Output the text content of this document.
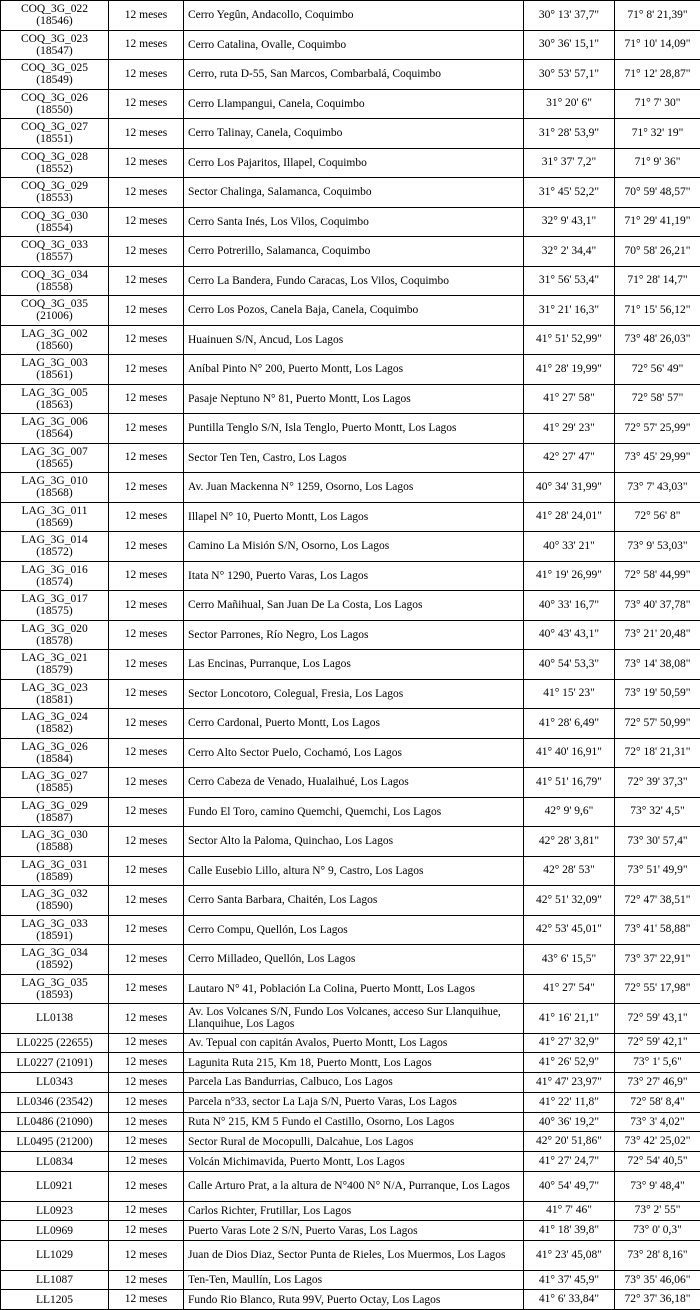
COQ_3G_022 (18546)	12 meses	Cerro Yegûn, Andacollo, Coquimbo	30° 13' 37,7"	71° 8' 21,39"
COQ_3G_023 (18547)	12 meses	Cerro Catalina, Ovalle, Coquimbo	30° 36' 15,1"	71° 10' 14,09"
COQ_3G_025 (18549)	12 meses	Cerro, ruta D-55, San Marcos, Combarbalá, Coquimbo	30° 53' 57,1"	71° 12' 28,87"
COQ_3G_026 (18550)	12 meses	Cerro Llampangui, Canela, Coquimbo	31° 20' 6"	71° 7' 30"
COQ_3G_027 (18551)	12 meses	Cerro Talinay, Canela, Coquimbo	31° 28' 53,9"	71° 32' 19"
COQ_3G_028 (18552)	12 meses	Cerro Los Pajaritos, Illapel, Coquimbo	31° 37' 7,2"	71° 9' 36"
COQ_3G_029 (18553)	12 meses	Sector Chalinga, Salamanca, Coquimbo	31° 45' 52,2"	70° 59' 48,57"
COQ_3G_030 (18554)	12 meses	Cerro Santa Inés, Los Vilos, Coquimbo	32° 9' 43,1"	71° 29' 41,19"
COQ_3G_033 (18557)	12 meses	Cerro Potrerillo, Salamanca, Coquimbo	32° 2' 34,4"	70° 58' 26,21"
COQ_3G_034 (18558)	12 meses	Cerro La Bandera, Fundo Caracas, Los Vilos, Coquimbo	31° 56' 53,4"	71° 28' 14,7"
COQ_3G_035 (21006)	12 meses	Cerro Los Pozos, Canela Baja, Canela, Coquimbo	31° 21' 16,3"	71° 15' 56,12"
LAG_3G_002 (18560)	12 meses	Huainuen S/N, Ancud, Los Lagos	41° 51' 52,99"	73° 48' 26,03"
LAG_3G_003 (18561)	12 meses	Aníbal Pinto N° 200, Puerto Montt, Los Lagos	41° 28' 19,99"	72° 56' 49"
LAG_3G_005 (18563)	12 meses	Pasaje Neptuno N° 81, Puerto Montt, Los Lagos	41° 27' 58"	72° 58' 57"
LAG_3G_006 (18564)	12 meses	Puntilla Tenglo S/N, Isla Tenglo, Puerto Montt, Los Lagos	41° 29' 23"	72° 57' 25,99"
LAG_3G_007 (18565)	12 meses	Sector Ten Ten, Castro, Los Lagos	42° 27' 47"	73° 45' 29,99"
LAG_3G_010 (18568)	12 meses	Av. Juan Mackenna N° 1259, Osorno, Los Lagos	40° 34' 31,99"	73° 7' 43,03"
LAG_3G_011 (18569)	12 meses	Illapel N° 10, Puerto Montt, Los Lagos	41° 28' 24,01"	72° 56' 8"
LAG_3G_014 (18572)	12 meses	Camino La Misión S/N, Osorno, Los Lagos	40° 33' 21"	73° 9' 53,03"
LAG_3G_016 (18574)	12 meses	Itata N° 1290, Puerto Varas, Los Lagos	41° 19' 26,99"	72° 58' 44,99"
LAG_3G_017 (18575)	12 meses	Cerro Mañihual, San Juan De La Costa, Los Lagos	40° 33' 16,7"	73° 40' 37,78"
LAG_3G_020 (18578)	12 meses	Sector Parrones, Río Negro, Los Lagos	40° 43' 43,1"	73° 21' 20,48"
LAG_3G_021 (18579)	12 meses	Las Encinas, Purranque, Los Lagos	40° 54' 53,3"	73° 14' 38,08"
LAG_3G_023 (18581)	12 meses	Sector Loncotoro, Colegual, Fresia, Los Lagos	41° 15' 23"	73° 19' 50,59"
LAG_3G_024 (18582)	12 meses	Cerro Cardonal, Puerto Montt, Los Lagos	41° 28' 6,49"	72° 57' 50,99"
LAG_3G_026 (18584)	12 meses	Cerro Alto Sector Puelo, Cochamó, Los Lagos	41° 40' 16,91"	72° 18' 21,31"
LAG_3G_027 (18585)	12 meses	Cerro Cabeza de Venado, Hualaihué, Los Lagos	41° 51' 16,79"	72° 39' 37,3"
LAG_3G_029 (18587)	12 meses	Fundo El Toro, camino Quemchi, Quemchi, Los Lagos	42° 9' 9,6"	73° 32' 4,5"
LAG_3G_030 (18588)	12 meses	Sector Alto la Paloma, Quinchao, Los Lagos	42° 28' 3,81"	73° 30' 57,4"
LAG_3G_031 (18589)	12 meses	Calle Eusebio Lillo, altura N° 9, Castro, Los Lagos	42° 28' 53"	73° 51' 49,9"
LAG_3G_032 (18590)	12 meses	Cerro Santa Barbara, Chaitén, Los Lagos	42° 51' 32,09"	72° 47' 38,51"
LAG_3G_033 (18591)	12 meses	Cerro Compu, Quellón, Los Lagos	42° 53' 45,01"	73° 41' 58,88"
LAG_3G_034 (18592)	12 meses	Cerro Milladeo, Quellón, Los Lagos	43° 6' 15,5"	73° 37' 22,91"
LAG_3G_035 (18593)	12 meses	Lautaro N° 41, Población La Colina, Puerto Montt, Los Lagos	41° 27' 54"	72° 55' 17,98"
LL0138	12 meses	Av. Los Volcanes S/N, Fundo Los Volcanes, acceso Sur Llanquihue, Llanquihue, Los Lagos	41° 16' 21,1"	72° 59' 43,1"
LL0225 (22655)	12 meses	Av. Tepual con capitán Avalos, Puerto Montt, Los Lagos	41° 27' 32,9"	72° 59' 42,1"
LL0227 (21091)	12 meses	Lagunita Ruta 215, Km 18, Puerto Montt, Los Lagos	41° 26' 52,9"	73° 1' 5,6"
LL0343	12 meses	Parcela Las Bandurrias, Calbuco, Los Lagos	41° 47' 23,97"	73° 27' 46,9"
LL0346 (23542)	12 meses	Parcela n°33, sector La Laja S/N, Puerto Varas, Los Lagos	41° 22' 11,8"	72° 58' 8,4"
LL0486 (21090)	12 meses	Ruta N° 215, KM 5 Fundo el Castillo, Osorno, Los Lagos	40° 36' 19,2"	73° 3' 4,02"
LL0495 (21200)	12 meses	Sector Rural de Mocopulli, Dalcahue, Los Lagos	42° 20' 51,86"	73° 42' 25,02"
LL0834	12 meses	Volcán Michimavida, Puerto Montt, Los Lagos	41° 27' 24,7"	72° 54' 40,5"
LL0921	12 meses	Calle Arturo Prat, a la altura de N°400 N° N/A, Purranque, Los Lagos	40° 54' 49,7"	73° 9' 48,4"
LL0923	12 meses	Carlos Richter, Frutillar, Los Lagos	41° 7' 46"	73° 2' 55"
LL0969	12 meses	Puerto Varas Lote 2 S/N, Puerto Varas, Los Lagos	41° 18' 39,8"	73° 0' 0,3"
LL1029	12 meses	Juan de Dios Diaz, Sector Punta de Rieles, Los Muermos, Los Lagos	41° 23' 45,08"	73° 28' 8,16"
LL1087	12 meses	Ten-Ten, Maullín, Los Lagos	41° 37' 45,9"	73° 35' 46,06"
LL1205	12 meses	Fundo Rio Blanco, Ruta 99V, Puerto Octay, Los Lagos	41° 6' 33,84"	72° 37' 36,18"
